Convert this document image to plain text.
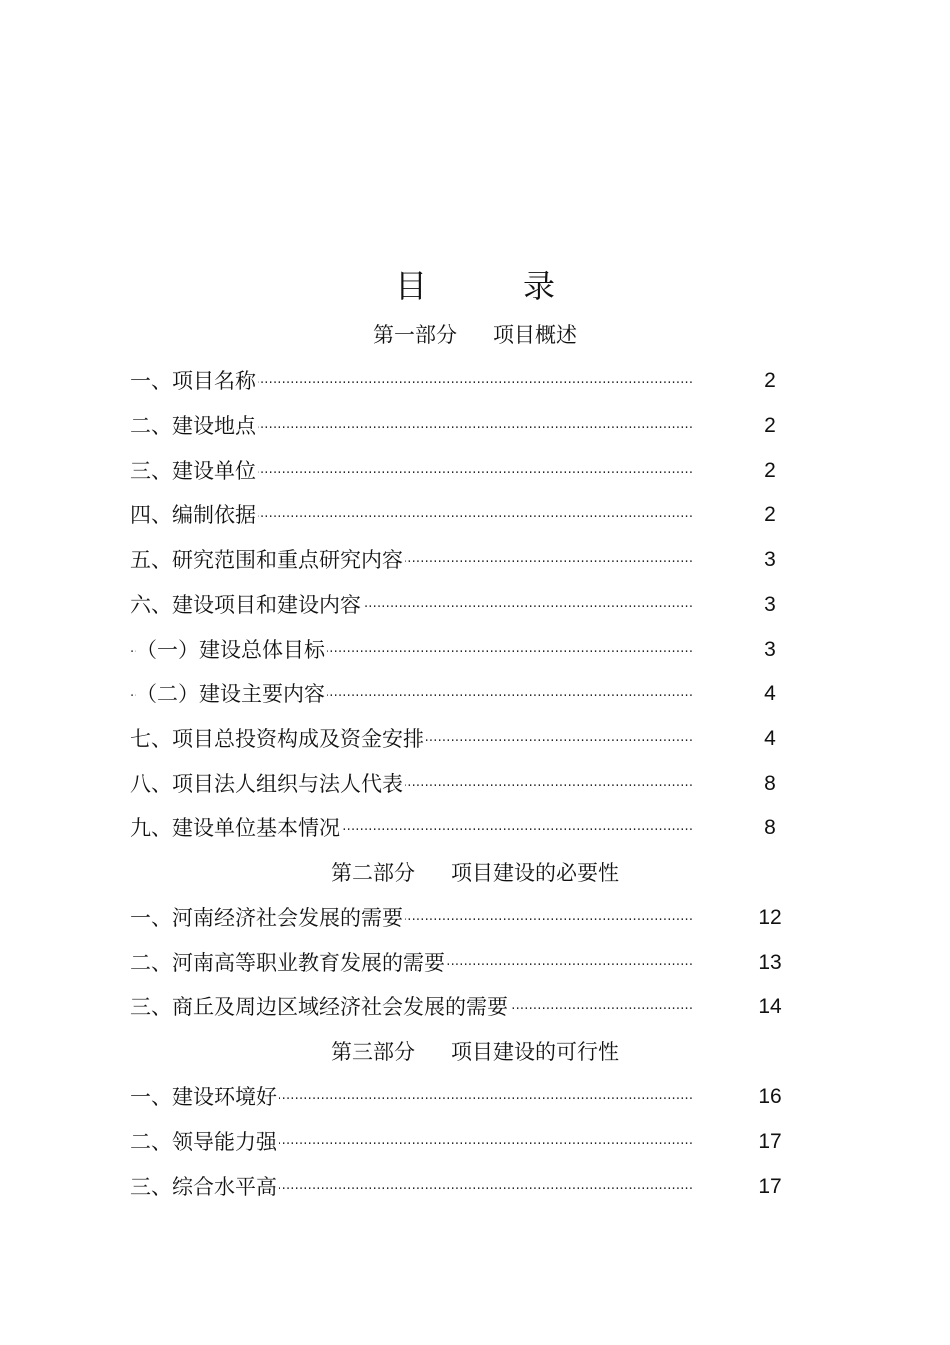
目	录
第一部分 项目概述
·····
一、项目名称	2
·····
二、建设地点	2
·····
三、建设单位	2
·····
四、编制依据	2
·····
五、研究范围和重点研究内容	3
·····
六、建设项目和建设内容	3
·····
（一）建设总体目标	3
·····
（二）建设主要内容	4
·····
七、项目总投资构成及资金安排	4
·····
八、项目法人组织与法人代表	8
·····
九、建设单位基本情况	8
第二部分 项目建设的必要性
·····
一、河南经济社会发展的需要	12
·····
二、河南高等职业教育发展的需要	13
·····
三、商丘及周边区域经济社会发展的需要	14
第三部分 项目建设的可行性
·····
一、建设环境好	16
·····
二、领导能力强	17
·····
三、综合水平高	17
